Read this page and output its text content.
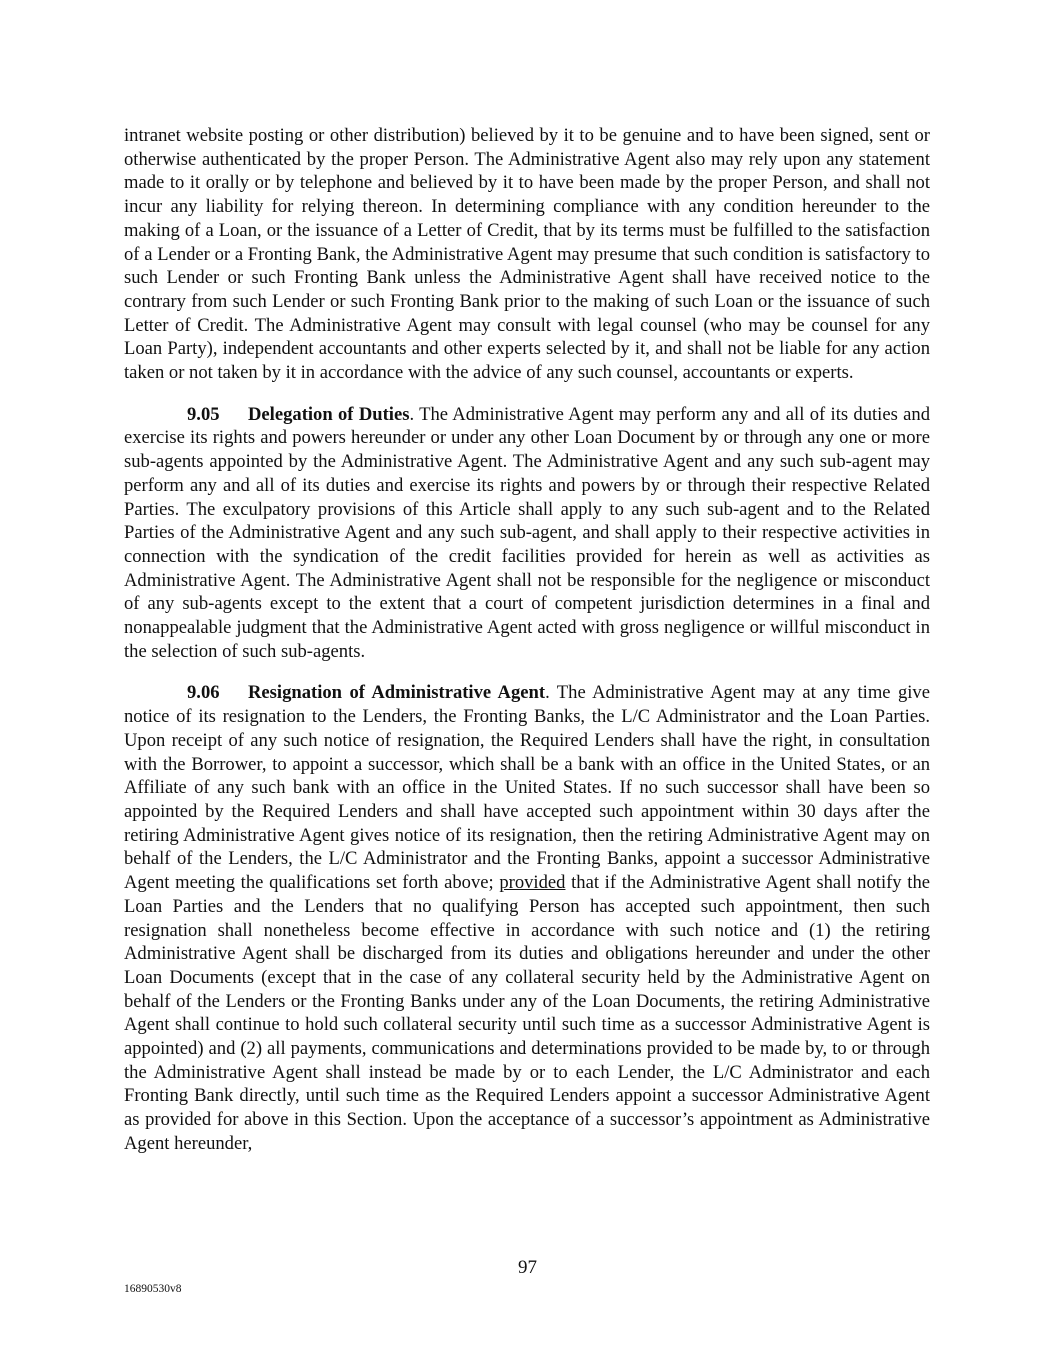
intranet website posting or other distribution) believed by it to be genuine and to have been signed, sent or otherwise authenticated by the proper Person. The Administrative Agent also may rely upon any statement made to it orally or by telephone and believed by it to have been made by the proper Person, and shall not incur any liability for relying thereon. In determining compliance with any condition hereunder to the making of a Loan, or the issuance of a Letter of Credit, that by its terms must be fulfilled to the satisfaction of a Lender or a Fronting Bank, the Administrative Agent may presume that such condition is satisfactory to such Lender or such Fronting Bank unless the Administrative Agent shall have received notice to the contrary from such Lender or such Fronting Bank prior to the making of such Loan or the issuance of such Letter of Credit. The Administrative Agent may consult with legal counsel (who may be counsel for any Loan Party), independent accountants and other experts selected by it, and shall not be liable for any action taken or not taken by it in accordance with the advice of any such counsel, accountants or experts.

9.05 Delegation of Duties. The Administrative Agent may perform any and all of its duties and exercise its rights and powers hereunder or under any other Loan Document by or through any one or more sub-agents appointed by the Administrative Agent. The Administrative Agent and any such sub-agent may perform any and all of its duties and exercise its rights and powers by or through their respective Related Parties. The exculpatory provisions of this Article shall apply to any such sub-agent and to the Related Parties of the Administrative Agent and any such sub-agent, and shall apply to their respective activities in connection with the syndication of the credit facilities provided for herein as well as activities as Administrative Agent. The Administrative Agent shall not be responsible for the negligence or misconduct of any sub-agents except to the extent that a court of competent jurisdiction determines in a final and nonappealable judgment that the Administrative Agent acted with gross negligence or willful misconduct in the selection of such sub-agents.

9.06 Resignation of Administrative Agent. The Administrative Agent may at any time give notice of its resignation to the Lenders, the Fronting Banks, the L/C Administrator and the Loan Parties. Upon receipt of any such notice of resignation, the Required Lenders shall have the right, in consultation with the Borrower, to appoint a successor, which shall be a bank with an office in the United States, or an Affiliate of any such bank with an office in the United States. If no such successor shall have been so appointed by the Required Lenders and shall have accepted such appointment within 30 days after the retiring Administrative Agent gives notice of its resignation, then the retiring Administrative Agent may on behalf of the Lenders, the L/C Administrator and the Fronting Banks, appoint a successor Administrative Agent meeting the qualifications set forth above; provided that if the Administrative Agent shall notify the Loan Parties and the Lenders that no qualifying Person has accepted such appointment, then such resignation shall nonetheless become effective in accordance with such notice and (1) the retiring Administrative Agent shall be discharged from its duties and obligations hereunder and under the other Loan Documents (except that in the case of any collateral security held by the Administrative Agent on behalf of the Lenders or the Fronting Banks under any of the Loan Documents, the retiring Administrative Agent shall continue to hold such collateral security until such time as a successor Administrative Agent is appointed) and (2) all payments, communications and determinations provided to be made by, to or through the Administrative Agent shall instead be made by or to each Lender, the L/C Administrator and each Fronting Bank directly, until such time as the Required Lenders appoint a successor Administrative Agent as provided for above in this Section. Upon the acceptance of a successor’s appointment as Administrative Agent hereunder,

97
16890530v8
